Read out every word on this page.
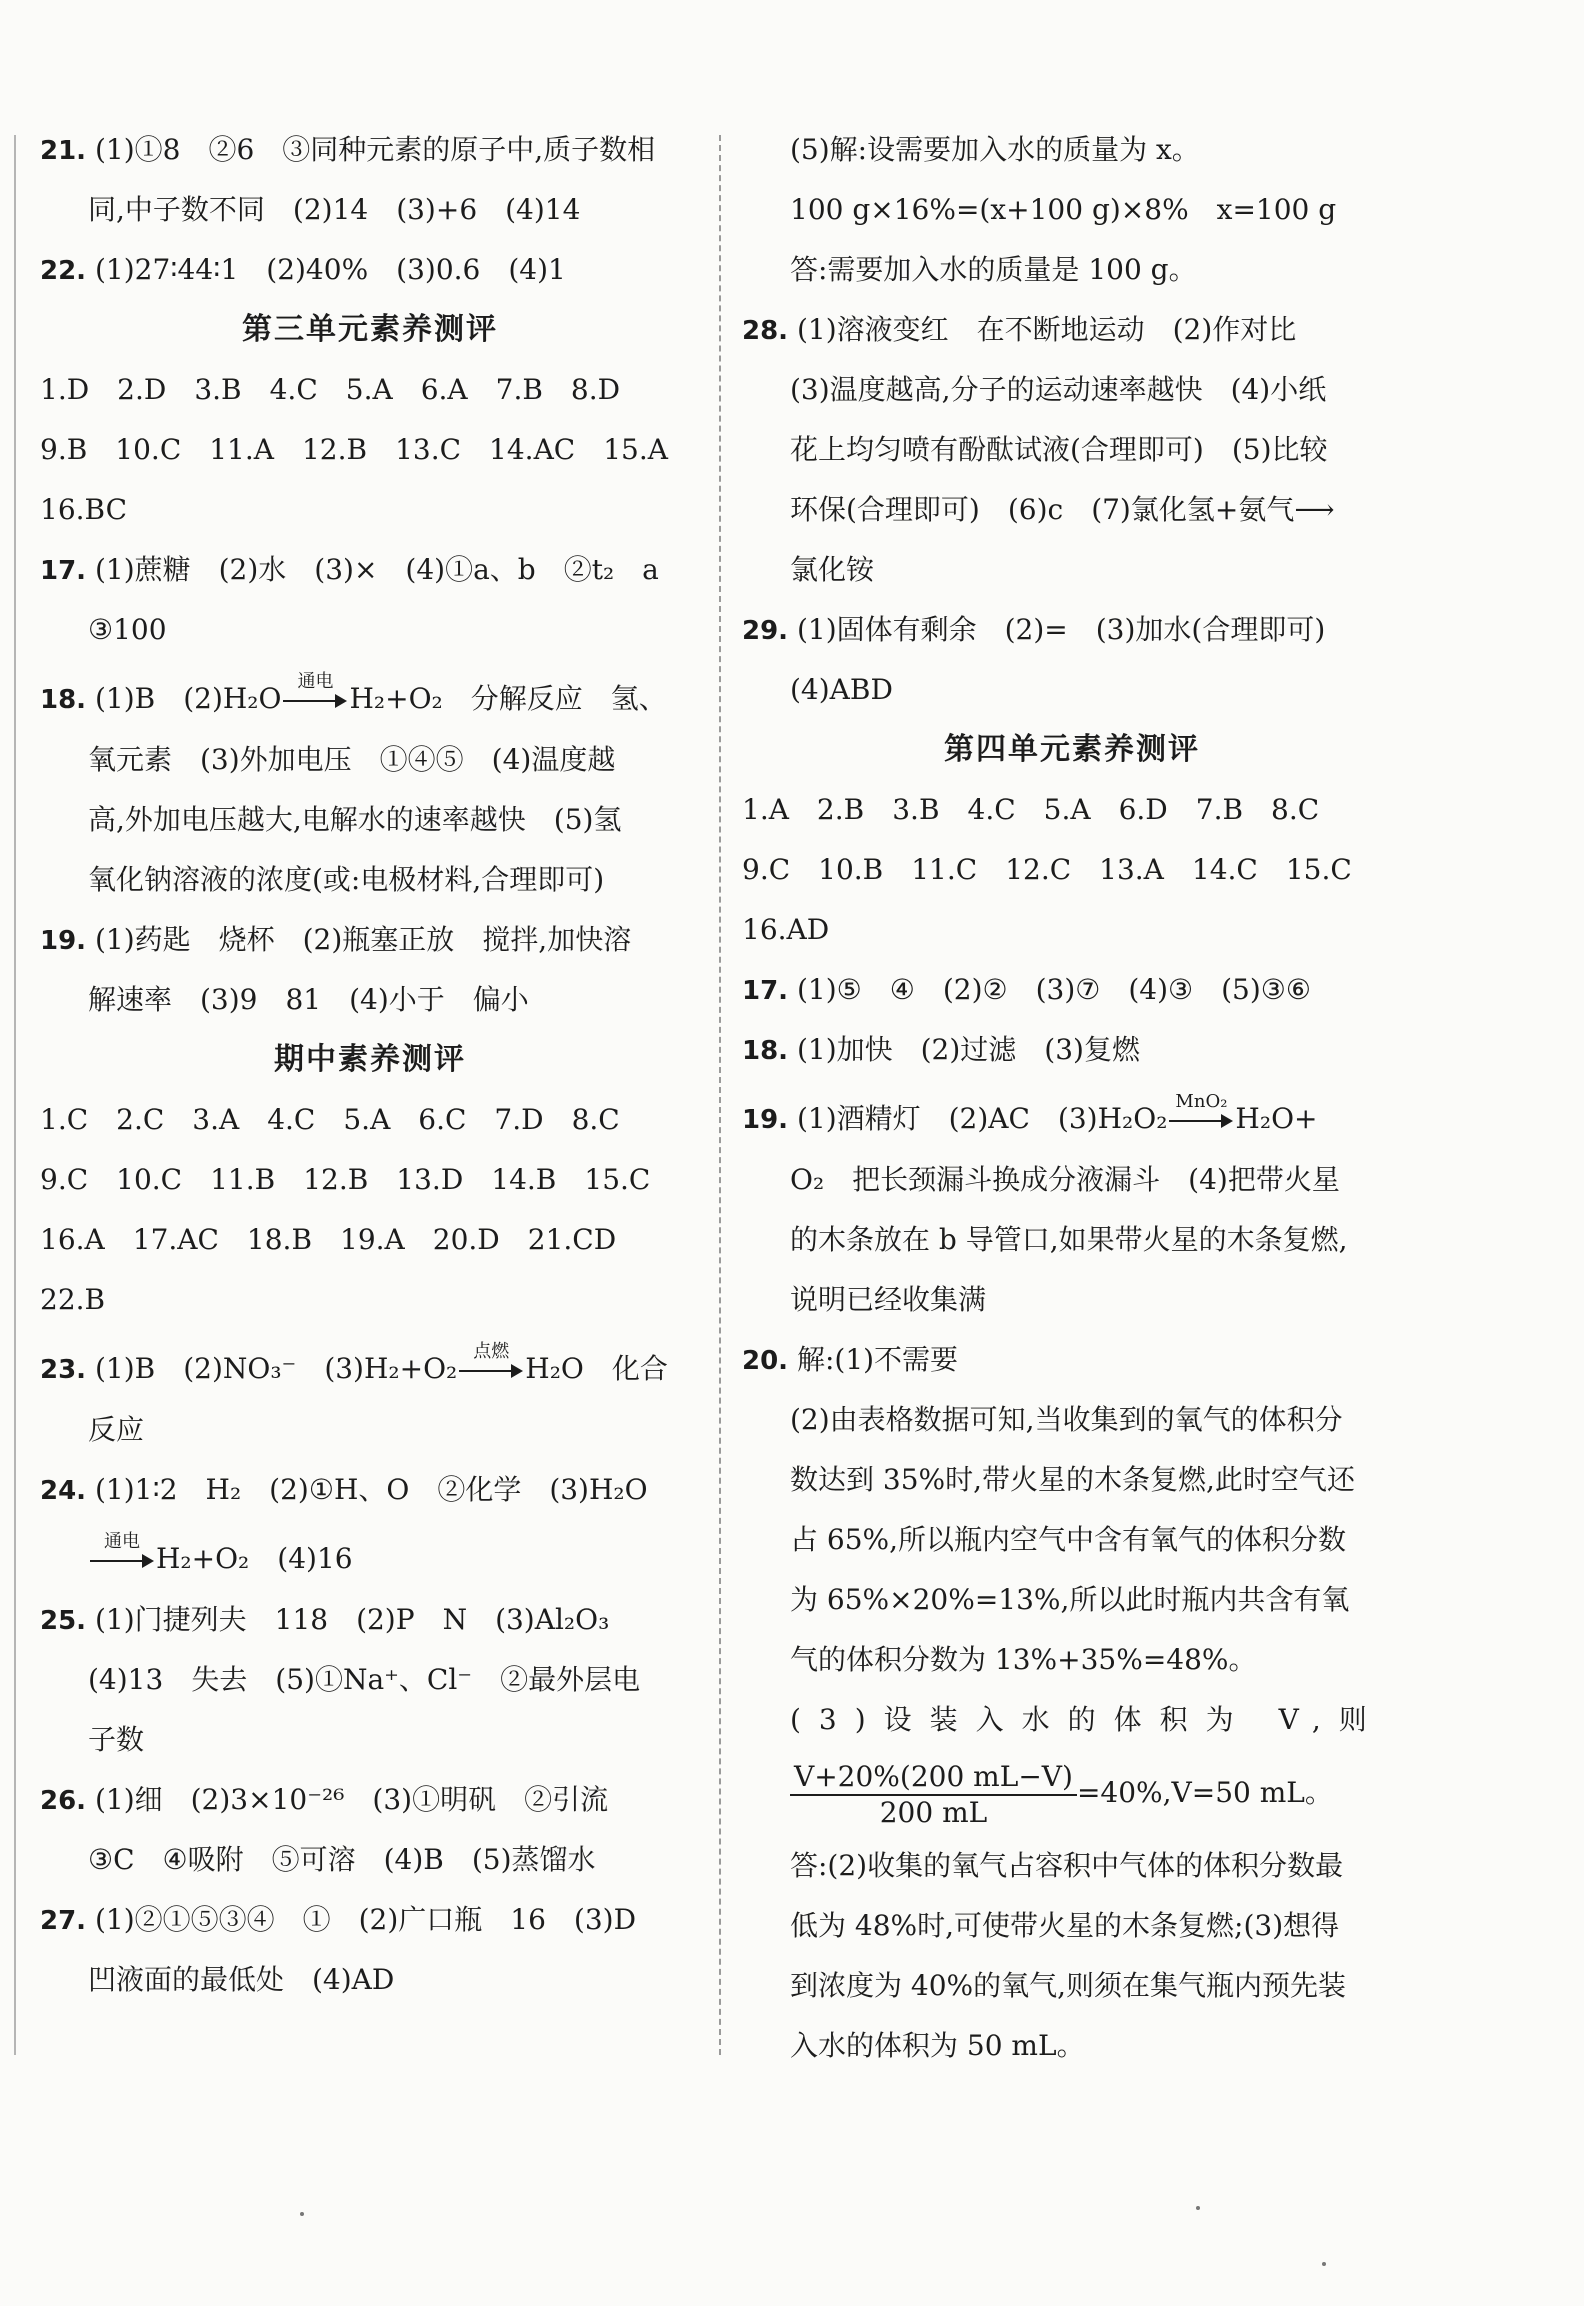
21. (1)①8　②6　③同种元素的原子中,质子数相
同,中子数不同　(2)14　(3)+6　(4)14
22. (1)27∶44∶1　(2)40%　(3)0.6　(4)1
第三单元素养测评
1.D　2.D　3.B　4.C　5.A　6.A　7.B　8.D
9.B　10.C　11.A　12.B　13.C　14.AC　15.A
16.BC
17. (1)蔗糖　(2)水　(3)×　(4)①a、b　②t₂　a
③100
18. (1)B　(2)H₂O
通电
H₂+O₂　分解反应　氢、
氧元素　(3)外加电压　①④⑤　(4)温度越
高,外加电压越大,电解水的速率越快　(5)氢
氧化钠溶液的浓度(或:电极材料,合理即可)
19. (1)药匙　烧杯　(2)瓶塞正放　搅拌,加快溶
解速率　(3)9　81　(4)小于　偏小
期中素养测评
1.C　2.C　3.A　4.C　5.A　6.C　7.D　8.C
9.C　10.C　11.B　12.B　13.D　14.B　15.C
16.A　17.AC　18.B　19.A　20.D　21.CD
22.B
23. (1)B　(2)NO₃⁻　(3)H₂+O₂
点燃
H₂O　化合
反应
24. (1)1∶2　H₂　(2)①H、O　②化学　(3)H₂O
通电
H₂+O₂　(4)16
25. (1)门捷列夫　118　(2)P　N　(3)Al₂O₃
(4)13　失去　(5)①Na⁺、Cl⁻　②最外层电
子数
26. (1)细　(2)3×10⁻²⁶　(3)①明矾　②引流
③C　④吸附　⑤可溶　(4)B　(5)蒸馏水
27. (1)②①⑤③④　①　(2)广口瓶　16　(3)D
凹液面的最低处　(4)AD
(5)解:设需要加入水的质量为 x。
100 g×16%=(x+100 g)×8%　x=100 g
答:需要加入水的质量是 100 g。
28. (1)溶液变红　在不断地运动　(2)作对比
(3)温度越高,分子的运动速率越快　(4)小纸
花上均匀喷有酚酞试液(合理即可)　(5)比较
环保(合理即可)　(6)c　(7)氯化氢+氨气⟶
氯化铵
29. (1)固体有剩余　(2)=　(3)加水(合理即可)
(4)ABD
第四单元素养测评
1.A　2.B　3.B　4.C　5.A　6.D　7.B　8.C
9.C　10.B　11.C　12.C　13.A　14.C　15.C
16.AD
17. (1)⑤　④　(2)②　(3)⑦　(4)③　(5)③⑥
18. (1)加快　(2)过滤　(3)复燃
19. (1)酒精灯　(2)AC　(3)H₂O₂
MnO₂
H₂O+
O₂　把长颈漏斗换成分液漏斗　(4)把带火星
的木条放在 b 导管口,如果带火星的木条复燃,
说明已经收集满
20. 解:(1)不需要
(2)由表格数据可知,当收集到的氧气的体积分
数达到 35%时,带火星的木条复燃,此时空气还
占 65%,所以瓶内空气中含有氧气的体积分数
为 65%×20%=13%,所以此时瓶内共含有氧
气的体积分数为 13%+35%=48%。
(3)设装入水的体积为 V,则
$\frac{V+20\%(200 mL-V)}{200 mL} =40\%,V=50$ mL。
答:(2)收集的氧气占容积中气体的体积分数最
低为 48%时,可使带火星的木条复燃;(3)想得
到浓度为 40%的氧气,则须在集气瓶内预先装
入水的体积为 50 mL。
